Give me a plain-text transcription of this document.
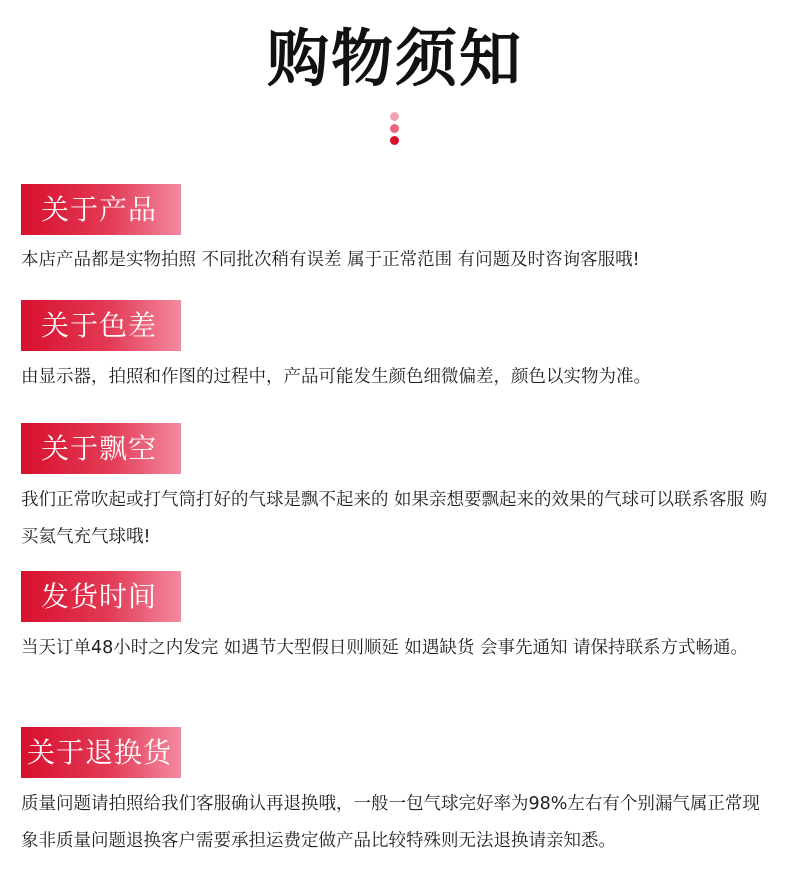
购物须知
关于产品
本店产品都是实物拍照 不同批次稍有误差 属于正常范围 有问题及时咨询客服哦!
关于色差
由显示器，拍照和作图的过程中，产品可能发生颜色细微偏差，颜色以实物为准。
关于飘空
我们正常吹起或打气筒打好的气球是飘不起来的 如果亲想要飘起来的效果的气球可以联系客服 购买氦气充气球哦!
发货时间
当天订单48小时之内发完 如遇节大型假日则顺延 如遇缺货 会事先通知 请保持联系方式畅通。
关于退换货
质量问题请拍照给我们客服确认再退换哦，一般一包气球完好率为98%左右有个别漏气属正常现象非质量问题退换客户需要承担运费定做产品比较特殊则无法退换请亲知悉。
